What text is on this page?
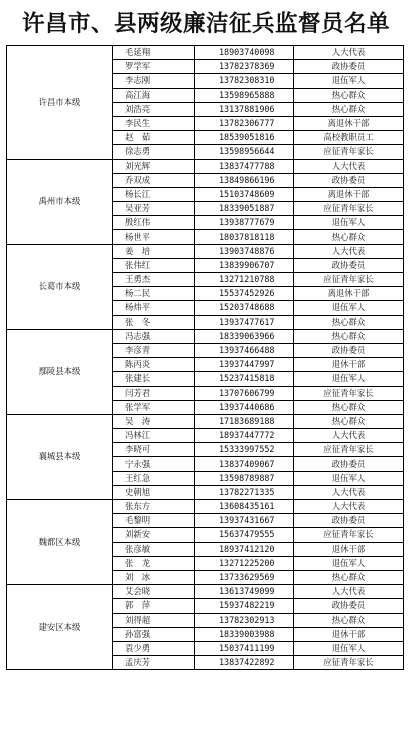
许昌市、县两级廉洁征兵监督员名单
许昌市本级	毛延翔	18903740098	人大代表
	罗学军	13782378369	政协委员
	李志刚	13782308310	退伍军人
	高江海	13598965888	热心群众
	刘浩亮	13137881906	热心群众
	李民生	13782306777	离退休干部
	赵　茹	18539051816	高校教职员工
	徐志勇	13598956644	应征青年家长
禹州市本级	刘光辉	13837477788	人大代表
	乔双成	13849866196	政协委员
	杨长江	15103748609	离退休干部
	吴亚芳	18339051887	应征青年家长
	殷红伟	13938777679	退伍军人
	杨世平	18037818118	热心群众
长葛市本级	姜　培	13903748876	人大代表
	张伟红	13839906707	政协委员
	王勇杰	13271210788	应征青年家长
	杨二民	15537452926	离退休干部
	杨炜平	15203748688	退伍军人
	张　冬	13937477617	热心群众
鄢陵县本级	冯志强	18339063966	热心群众
	李彦青	13937466488	政协委员
	陈丙炎	13937447997	退休干部
	张建长	15237415818	退伍军人
	闫芳君	13707606799	应征青年家长
	张学军	13937440686	热心群众
襄城县本级	吴　涛	17183689188	热心群众
	冯林江	18937447772	人大代表
	李晓可	15333997552	应征青年家长
	宁永强	13837409067	政协委员
	王红急	13598789887	退伍军人
	史朝旭	13782271335	人大代表
魏都区本级	张东方	13608435161	人大代表
	毛黎明	13937431667	政协委员
	刘新安	15637479555	应征青年家长
	张彦敏	18937412120	退休干部
	张　龙	13271225200	退伍军人
	刘　冰	13733629569	热心群众
建安区本级	艾会晓	13613749099	人大代表
	郭　萍	15937482219	政协委员
	刘得超	13782302913	热心群众
	孙富强	18339003988	退休干部
	袁少勇	15037411199	退伍军人
	孟庆芳	13837422892	应征青年家长
